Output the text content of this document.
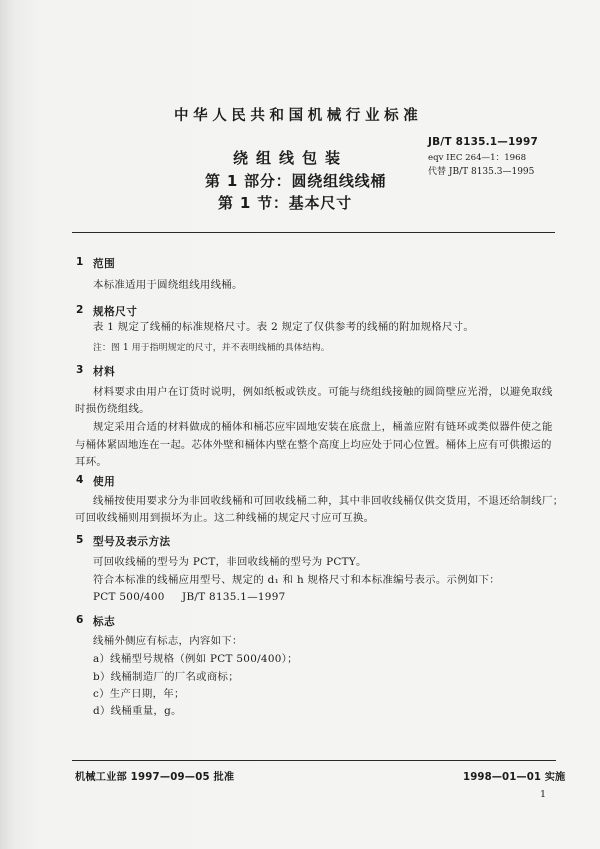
中华人民共和国机械行业标准
JB/T 8135.1—1997
eqv IEC 264—1：1968
代替 JB/T 8135.3—1995
绕组线包装
第 1 部分：圆绕组线线桶
第 1 节：基本尺寸
1 范围
本标准适用于圆绕组线用线桶。
2 规格尺寸
表 1 规定了线桶的标准规格尺寸。表 2 规定了仅供参考的线桶的附加规格尺寸。
注：图 1 用于指明规定的尺寸，并不表明线桶的具体结构。
3 材料
材料要求由用户在订货时说明，例如纸板或铁皮。可能与绕组线接触的圆筒壁应光滑，以避免取线
时损伤绕组线。
规定采用合适的材料做成的桶体和桶芯应牢固地安装在底盘上，桶盖应附有链环或类似器件使之能
与桶体紧固地连在一起。芯体外壁和桶体内壁在整个高度上均应处于同心位置。桶体上应有可供搬运的
耳环。
4 使用
线桶按使用要求分为非回收线桶和可回收线桶二种，其中非回收线桶仅供交货用，不退还给制线厂；
可回收线桶则用到损坏为止。这二种线桶的规定尺寸应可互换。
5 型号及表示方法
可回收线桶的型号为 PCT，非回收线桶的型号为 PCTY。
符合本标准的线桶应用型号、规定的 d₁ 和 h 规格尺寸和本标准编号表示。示例如下：
PCT 500/400 JB/T 8135.1—1997
6 标志
线桶外侧应有标志，内容如下：
a）线桶型号规格（例如 PCT 500/400）；
b）线桶制造厂的厂名或商标；
c）生产日期，年；
d）线桶重量，g。
机械工业部 1997—09—05 批准	1998—01—01 实施
1
